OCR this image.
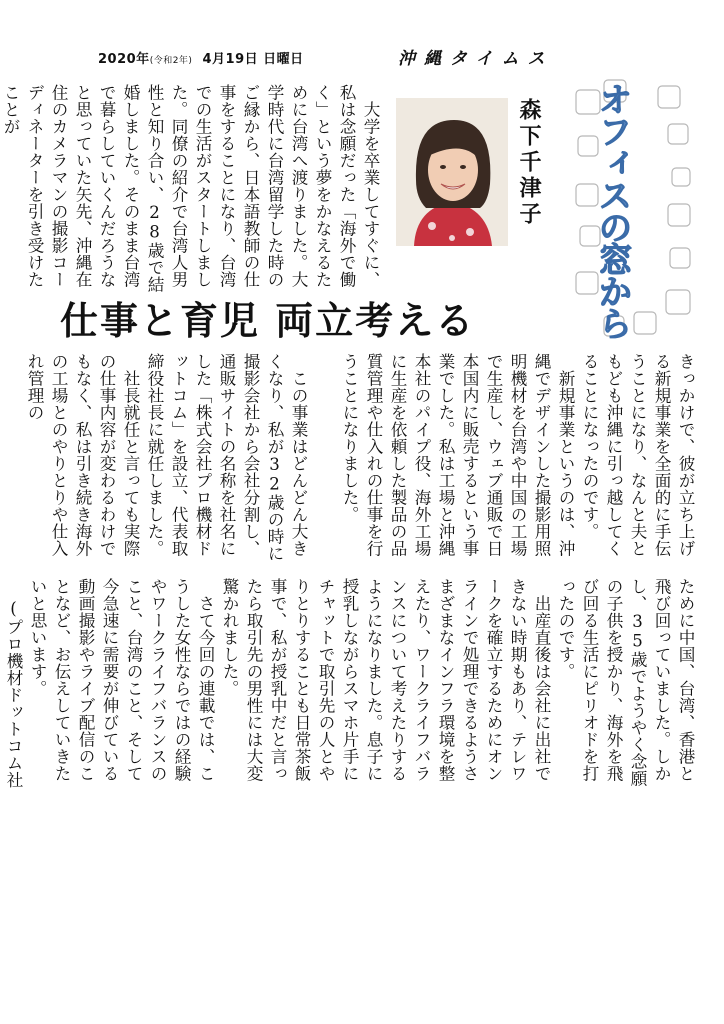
2020年(令和2年) 4月19日 日曜日	沖縄タイムス

大学を卒業してすぐに、私は念願だった「海外で働く」という夢をかなえるために台湾へ渡りました。大学時代に台湾留学した時のご縁から、日本語教師の仕事をすることになり、台湾での生活がスタートしました。同僚の紹介で台湾人男性と知り合い、28歳で結婚しました。そのまま台湾で暮らしていくんだろうなと思っていた矢先、沖縄在住のカメラマンの撮影コーディネーターを引き受けたことが	森下千津子 オフィスの窓から
仕事と育児 両立考える

きっかけで、彼が立ち上げる新規事業を全面的に手伝うことになり、なんと夫ともども沖縄に引っ越してくることになったのです。

新規事業というのは、沖縄でデザインした撮影用照明機材を台湾や中国の工場で生産し、ウェブ通販で日本国内に販売するという事業でした。私は工場と沖縄本社のパイプ役、海外工場に生産を依頼した製品の品質管理や仕入れの仕事を行うことになりました。

この事業はどんどん大きくなり、私が32歳の時に撮影会社から会社分割し、通販サイトの名称を社名にした「株式会社プロ機材ドットコム」を設立、代表取締役社長に就任しました。

社長就任と言っても実際の仕事内容が変わるわけでもなく、私は引き続き海外の工場とのやりとりや仕入れ管理の

ために中国、台湾、香港と飛び回っていました。しかし、35歳でようやく念願の子供を授かり、海外を飛び回る生活にピリオドを打ったのです。

出産直後は会社に出社できない時期もあり、テレワークを確立するためにオンラインで処理できるようさまざまなインフラ環境を整えたり、ワークライフバランスについて考えたりするようになりました。息子に授乳しながらスマホ片手にチャットで取引先の人とやりとりすることも日常茶飯事で、私が授乳中だと言ったら取引先の男性には大変驚かれました。

さて今回の連載では、こうした女性ならではの経験やワークライフバランスのこと、台湾のこと、そして今急速に需要が伸びている動画撮影やライブ配信のことなど、お伝えしていきたいと思います。

(プロ機材ドットコム社
